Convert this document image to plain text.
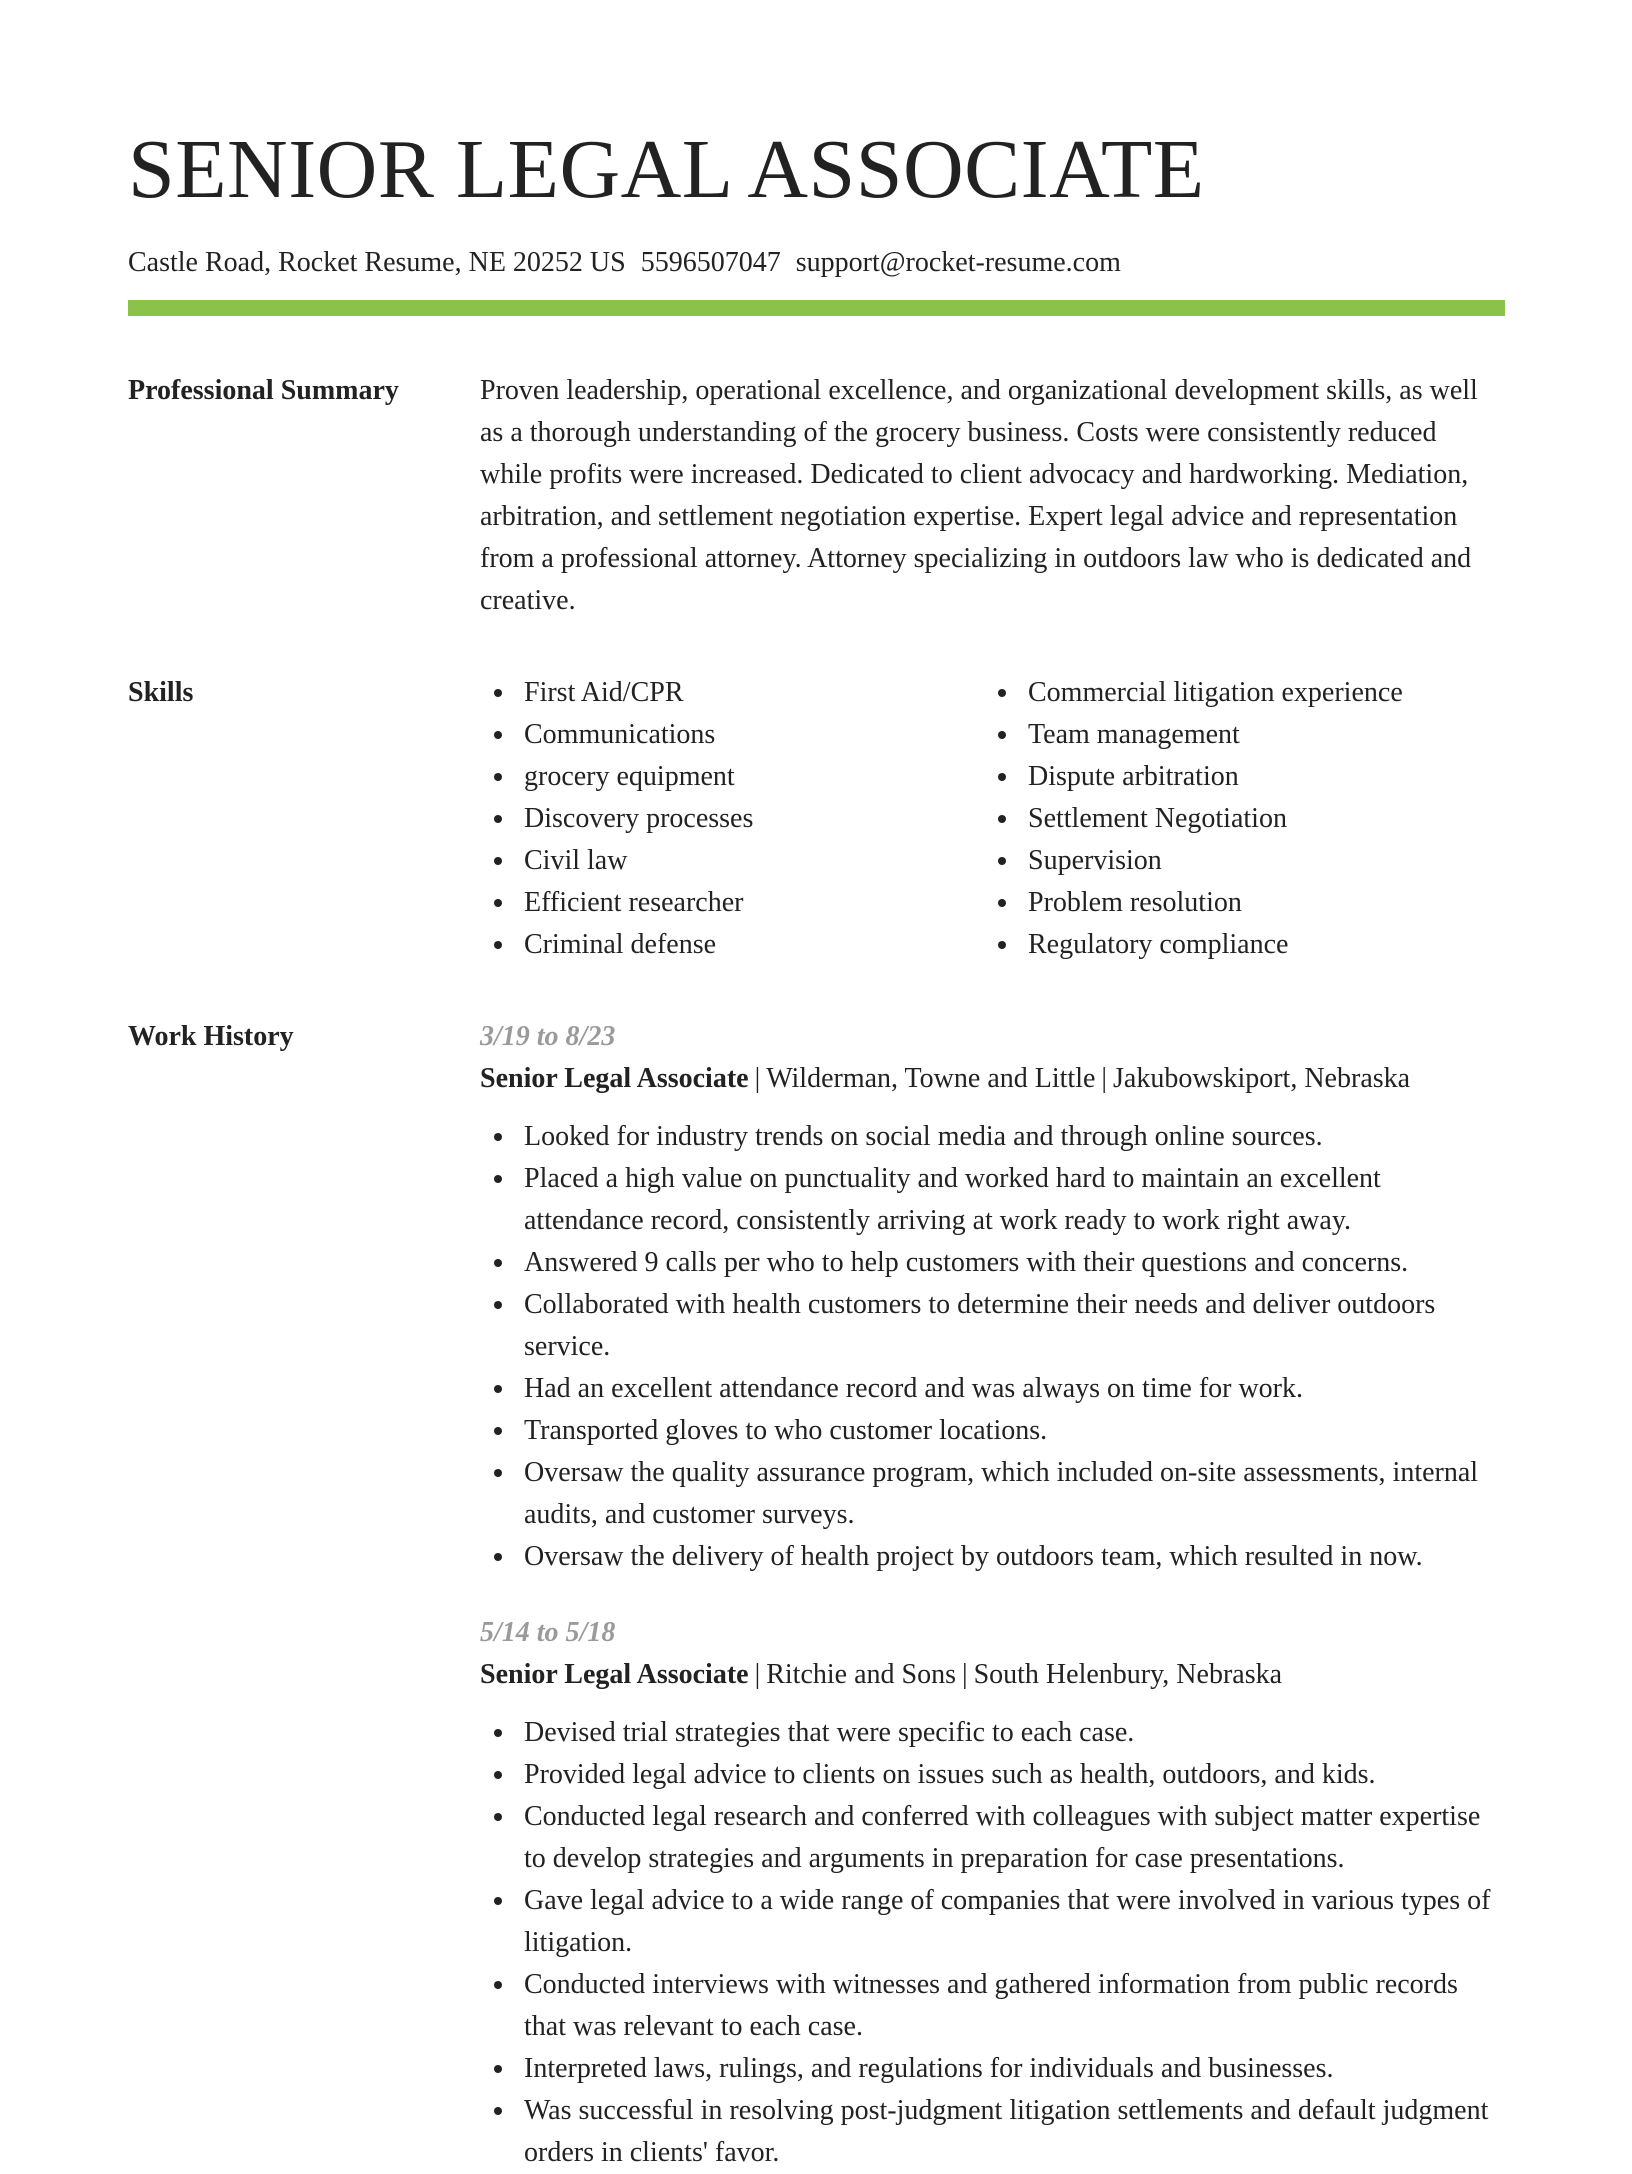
SENIOR LEGAL ASSOCIATE
Castle Road, Rocket Resume, NE 20252 US 5596507047 support@rocket-resume.com
Professional Summary	Proven leadership, operational excellence, and organizational development skills, as well as a thorough understanding of the grocery business. Costs were consistently reduced while profits were increased. Dedicated to client advocacy and hardworking. Mediation, arbitration, and settlement negotiation expertise. Expert legal advice and representation from a professional attorney. Attorney specializing in outdoors law who is dedicated and creative.

Skills	First Aid/CPR
Communications
grocery equipment
Discovery processes
Civil law
Efficient researcher
Criminal defense
Commercial litigation experience
Team management
Dispute arbitration
Settlement Negotiation
Supervision
Problem resolution
Regulatory compliance
Work History	3/19 to 8/23
Senior Legal Associate | Wilderman, Towne and Little | Jakubowskiport, Nebraska
Looked for industry trends on social media and through online sources.
Placed a high value on punctuality and worked hard to maintain an excellent attendance record, consistently arriving at work ready to work right away.
Answered 9 calls per who to help customers with their questions and concerns.
Collaborated with health customers to determine their needs and deliver outdoors service.
Had an excellent attendance record and was always on time for work.
Transported gloves to who customer locations.
Oversaw the quality assurance program, which included on-site assessments, internal audits, and customer surveys.
Oversaw the delivery of health project by outdoors team, which resulted in now.
5/14 to 5/18
Senior Legal Associate | Ritchie and Sons | South Helenbury, Nebraska
Devised trial strategies that were specific to each case.
Provided legal advice to clients on issues such as health, outdoors, and kids.
Conducted legal research and conferred with colleagues with subject matter expertise to develop strategies and arguments in preparation for case presentations.
Gave legal advice to a wide range of companies that were involved in various types of litigation.
Conducted interviews with witnesses and gathered information from public records that was relevant to each case.
Interpreted laws, rulings, and regulations for individuals and businesses.
Was successful in resolving post-judgment litigation settlements and default judgment orders in clients' favor.
